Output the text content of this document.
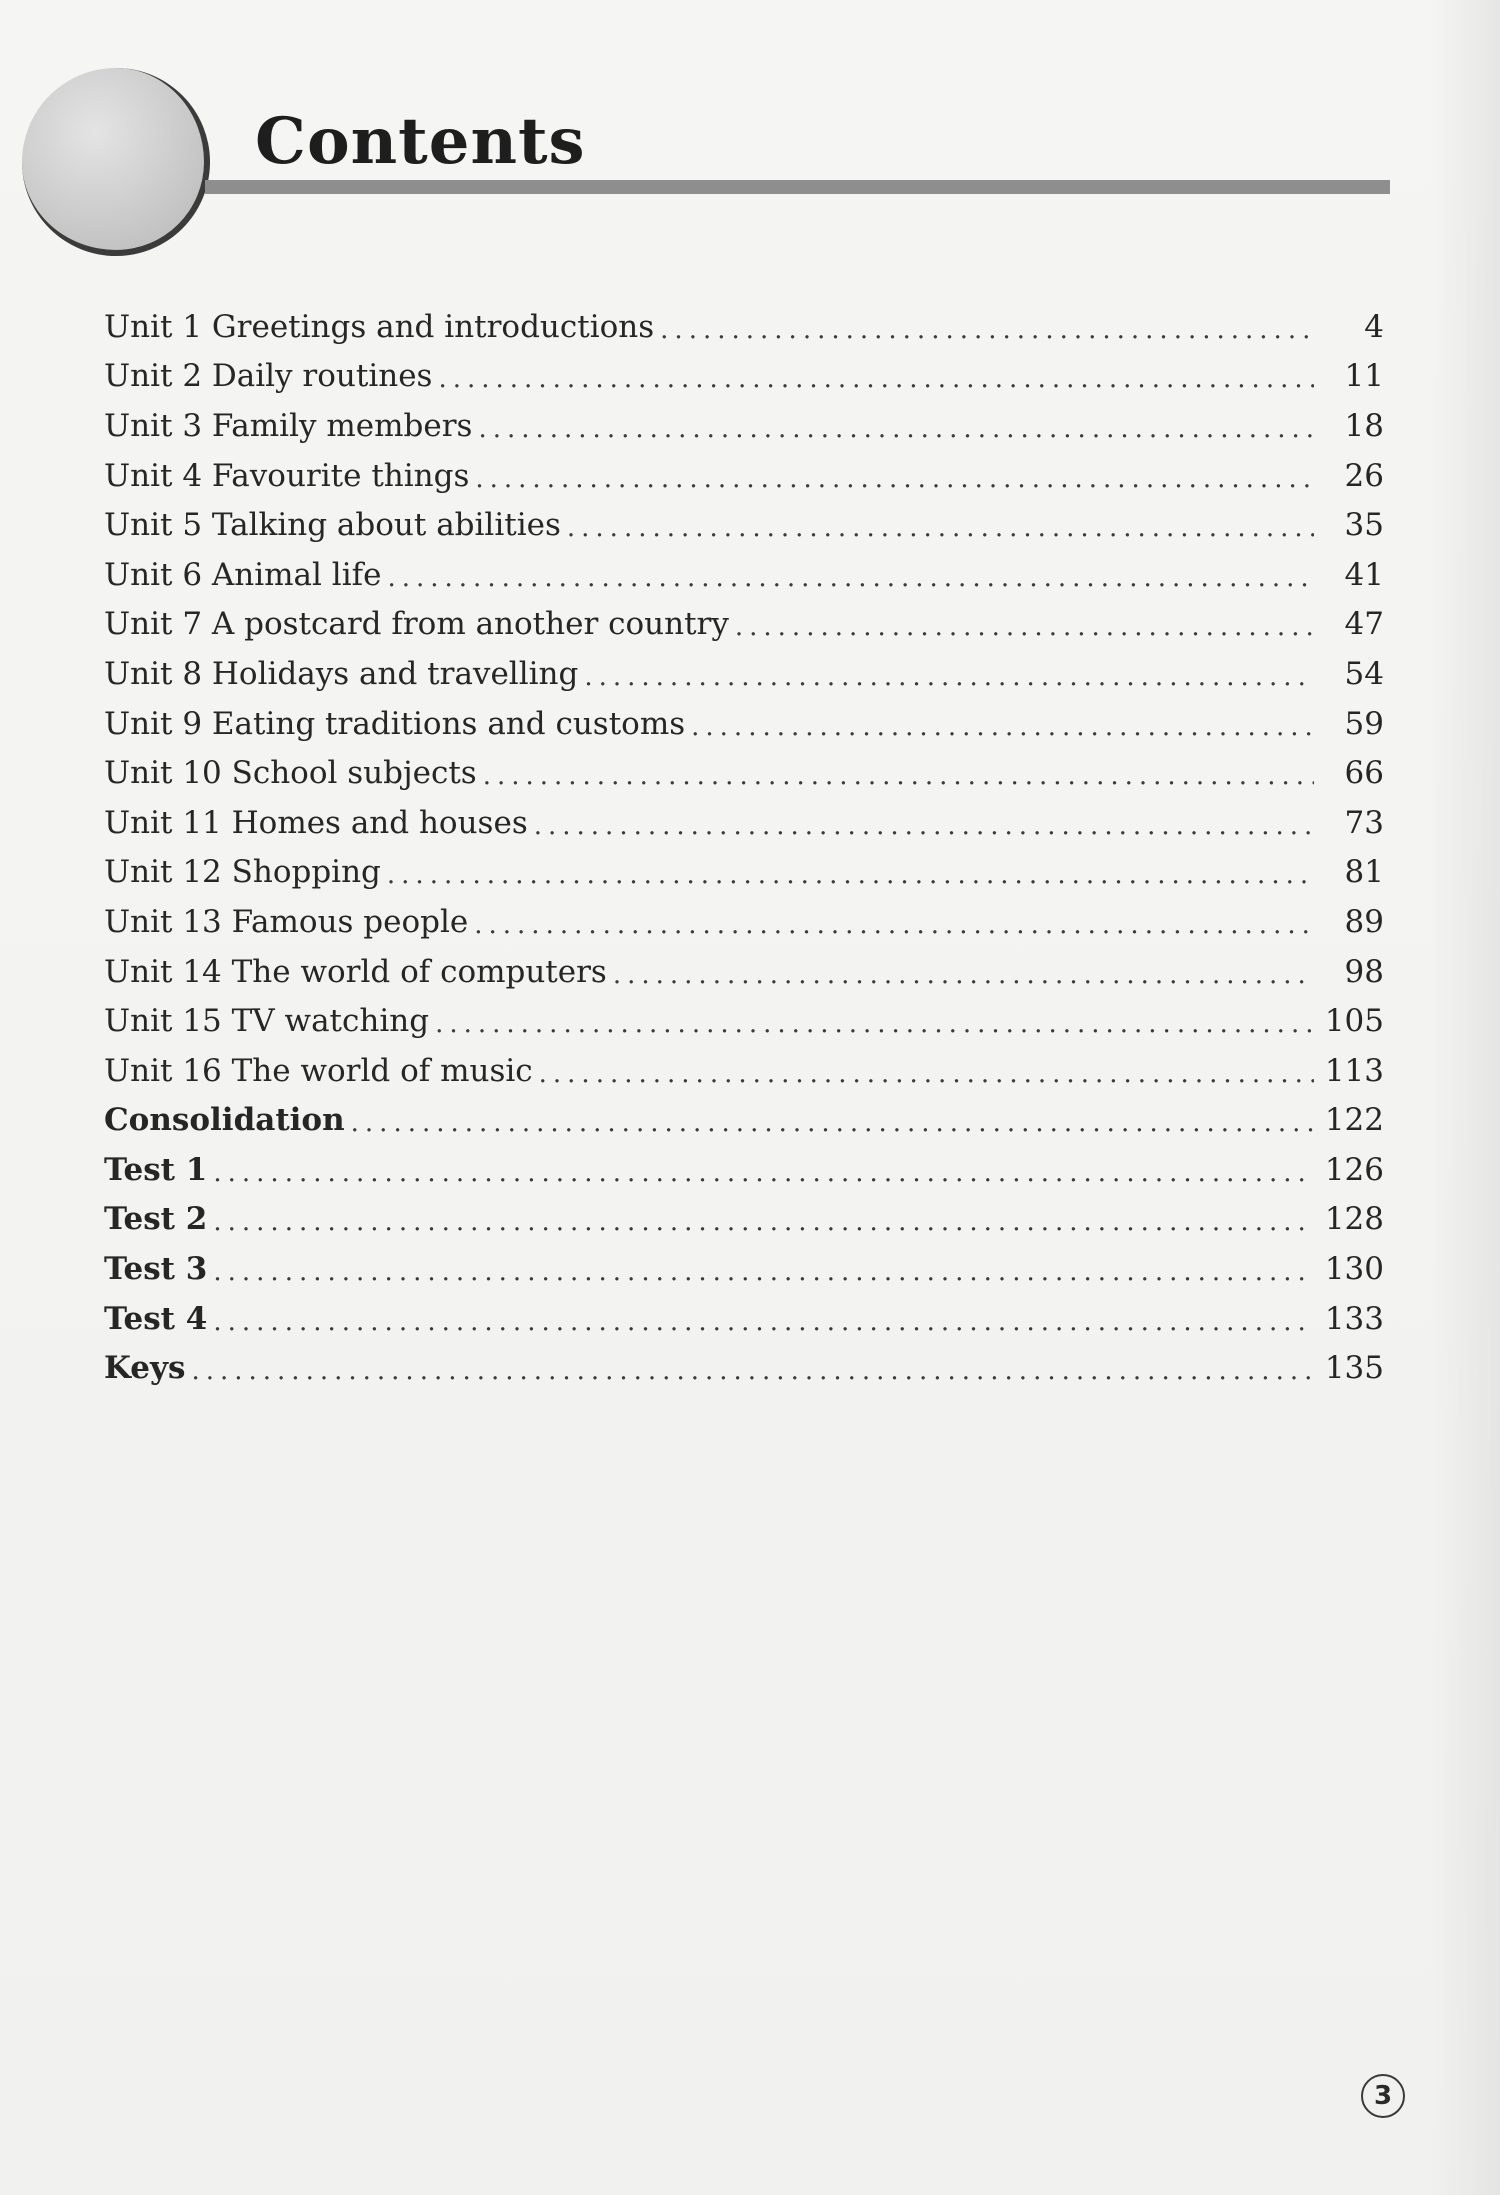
Contents
Unit 1 Greetings and introductions .....	4
Unit 2 Daily routines .....	11
Unit 3 Family members .....	18
Unit 4 Favourite things .....	26
Unit 5 Talking about abilities .....	35
Unit 6 Animal life .....	41
Unit 7 A postcard from another country .....	47
Unit 8 Holidays and travelling .....	54
Unit 9 Eating traditions and customs .....	59
Unit 10 School subjects .....	66
Unit 11 Homes and houses .....	73
Unit 12 Shopping .....	81
Unit 13 Famous people .....	89
Unit 14 The world of computers .....	98
Unit 15 TV watching .....	105
Unit 16 The world of music .....	113
Consolidation .....	122
Test 1 .....	126
Test 2 .....	128
Test 3 .....	130
Test 4 .....	133
Keys .....	135
3
